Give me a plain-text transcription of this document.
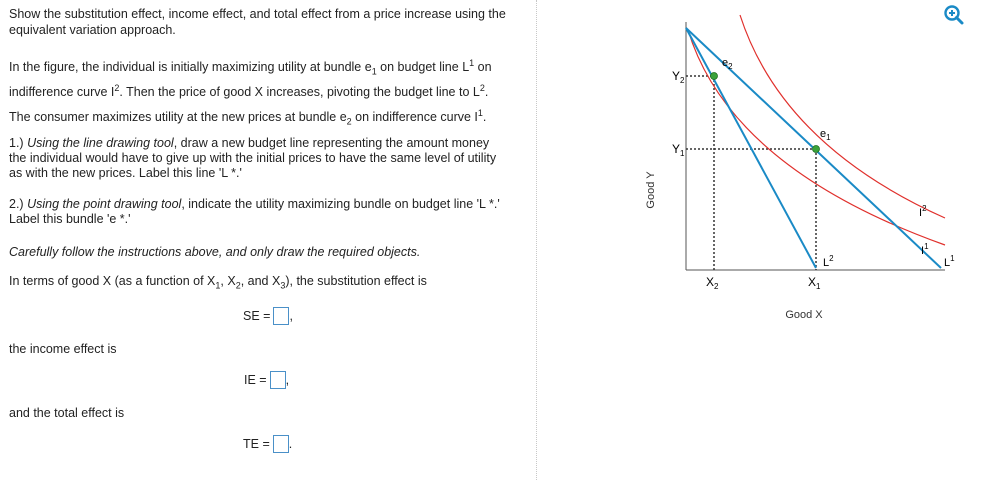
Show the substitution effect, income effect, and total effect from a price increase using the
equivalent variation approach.
In the figure, the individual is initially maximizing utility at bundle $e_1$ on budget line $L^1$ on
indifference curve $I^2$. Then the price of good X increases, pivoting the budget line to $L^2$.
The consumer maximizes utility at the new prices at bundle $e_2$ on indifference curve $I^1$.
1.) Using the line drawing tool, draw a new budget line representing the amount money
the individual would have to give up with the initial prices to have the same level of utility
as with the new prices. Label this line 'L *.'
2.) Using the point drawing tool, indicate the utility maximizing bundle on budget line 'L *.'
Label this bundle 'e *.'
Carefully follow the instructions above, and only draw the required objects.
In terms of good X (as a function of $X_1$, $X_2$, and $X_3$), the substitution effect is
SE = ,
the income effect is
IE = ,
and the total effect is
TE = .
Good Y
Good X
$Y_2$
$Y_1$
$X_2$	$X_1$
$e_2$
$e_1$
$L^2$	$L^1$
$I^2$
$I^1$
